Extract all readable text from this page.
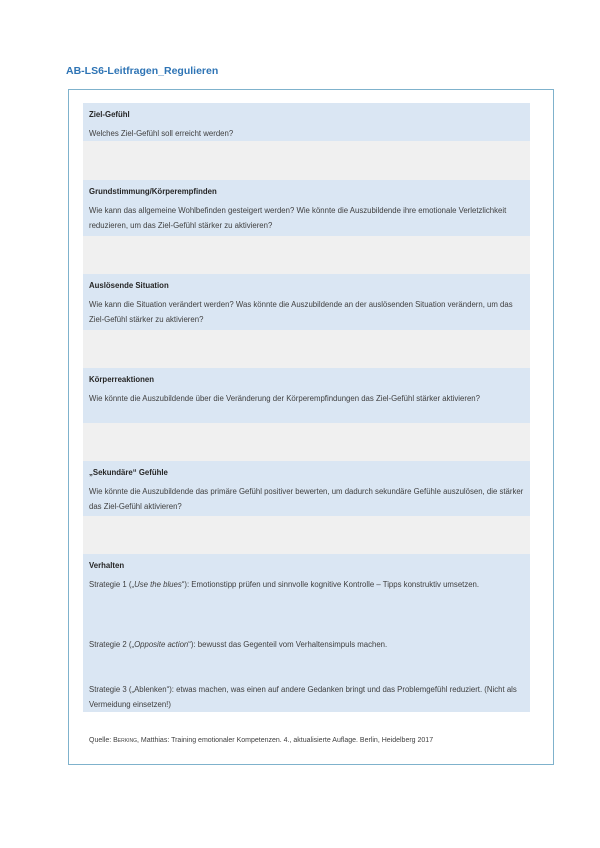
AB-LS6-Leitfragen_Regulieren
Ziel-Gefühl
Welches Ziel-Gefühl soll erreicht werden?
Grundstimmung/Körperempfinden
Wie kann das allgemeine Wohlbefinden gesteigert werden? Wie könnte die Auszubildende ihre emotionale Verletzlichkeit reduzieren, um das Ziel-Gefühl stärker zu aktivieren?
Auslösende Situation
Wie kann die Situation verändert werden? Was könnte die Auszubildende an der auslösenden Situation verändern, um das Ziel-Gefühl stärker zu aktivieren?
Körperreaktionen
Wie könnte die Auszubildende über die Veränderung der Körperempfindungen das Ziel-Gefühl stärker aktivieren?
„Sekundäre“ Gefühle
Wie könnte die Auszubildende das primäre Gefühl positiver bewerten, um dadurch sekundäre Gefühle auszulösen, die stärker das Ziel-Gefühl aktivieren?
Verhalten
Strategie 1 („Use the blues“): Emotionstipp prüfen und sinnvolle kognitive Kontrolle – Tipps konstruktiv umsetzen.
Strategie 2 („Opposite action“): bewusst das Gegenteil vom Verhaltensimpuls machen.
Strategie 3 („Ablenken“): etwas machen, was einen auf andere Gedanken bringt und das Problemgefühl reduziert. (Nicht als Vermeidung einsetzen!)
Quelle: Berking, Matthias: Training emotionaler Kompetenzen. 4., aktualisierte Auflage. Berlin, Heidelberg 2017
